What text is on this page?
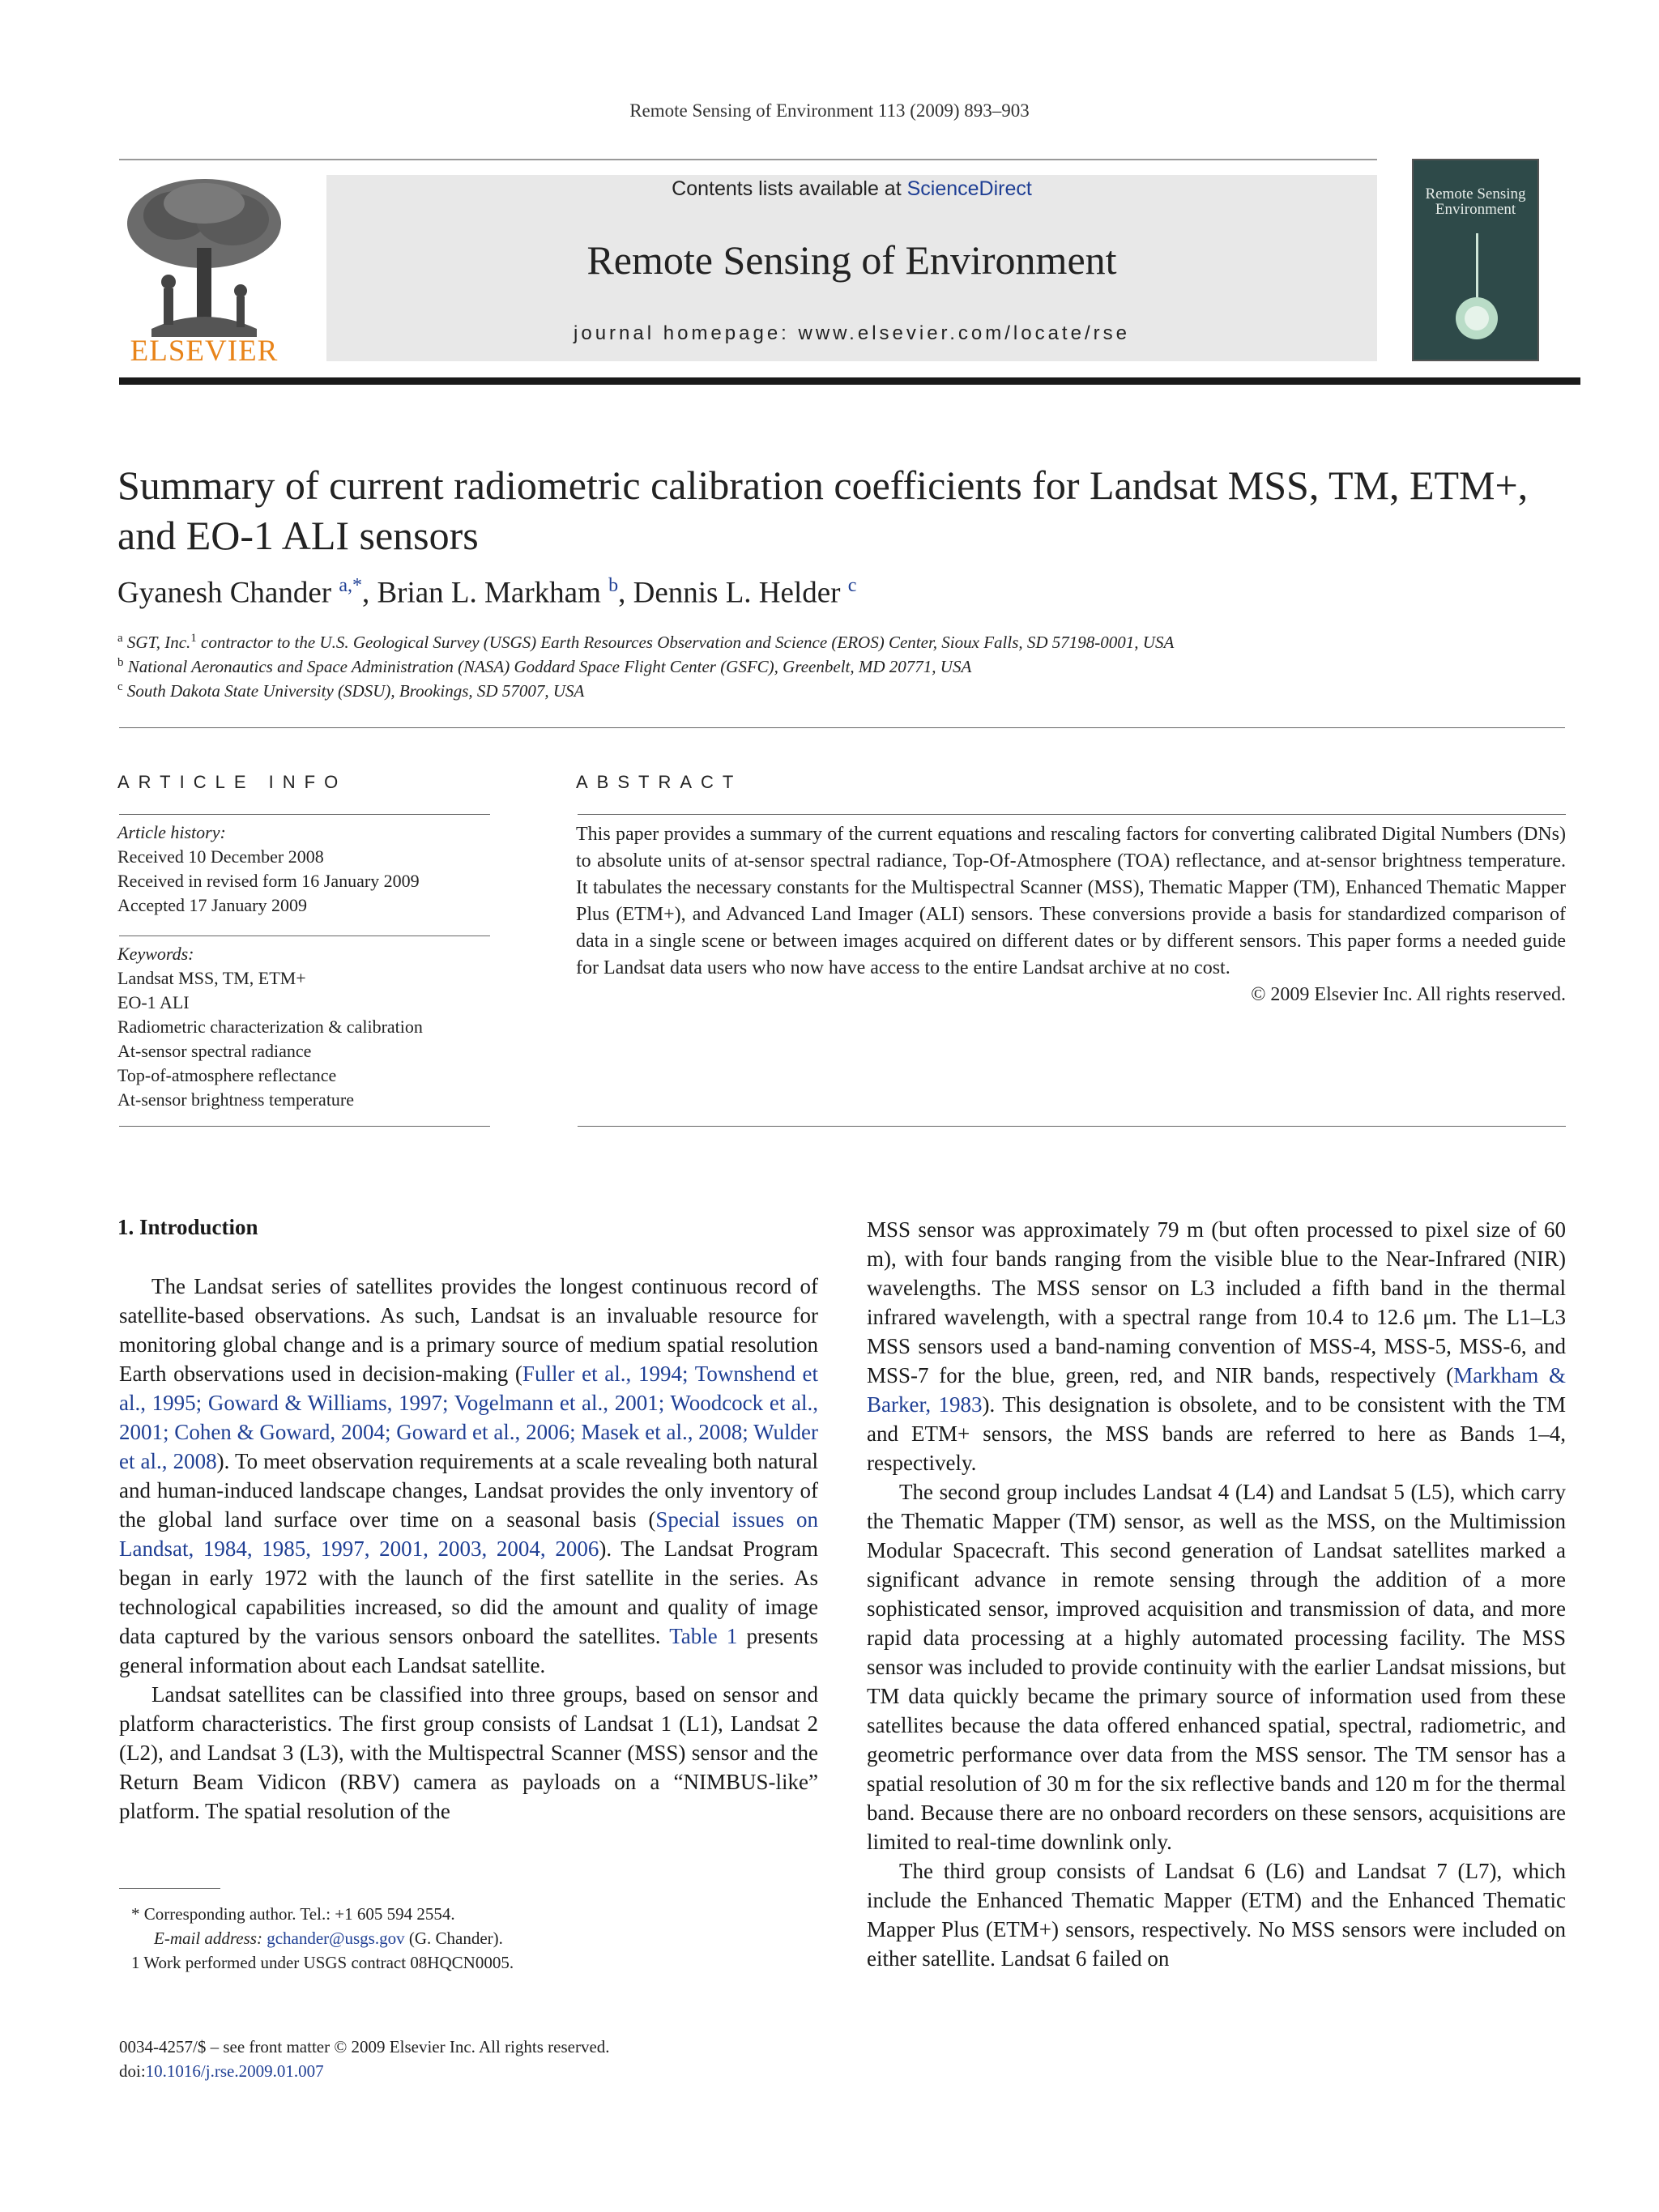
Remote Sensing of Environment 113 (2009) 893–903
ELSEVIER
Contents lists available at ScienceDirect
Remote Sensing of Environment
journal homepage: www.elsevier.com/locate/rse
Remote Sensing
Environment
Summary of current radiometric calibration coefficients for Landsat MSS, TM, ETM+,
and EO-1 ALI sensors
Gyanesh Chander $^{a,*}$, Brian L. Markham $^b$, Dennis L. Helder $^c$
$^a$ SGT, Inc.$^1$ contractor to the U.S. Geological Survey (USGS) Earth Resources Observation and Science (EROS) Center, Sioux Falls, SD 57198-0001, USA
$^b$ National Aeronautics and Space Administration (NASA) Goddard Space Flight Center (GSFC), Greenbelt, MD 20771, USA
$^c$ South Dakota State University (SDSU), Brookings, SD 57007, USA
ARTICLE INFO
Article history:
Received 10 December 2008
Received in revised form 16 January 2009
Accepted 17 January 2009
Keywords:
Landsat MSS, TM, ETM+
EO-1 ALI
Radiometric characterization & calibration
At-sensor spectral radiance
Top-of-atmosphere reflectance
At-sensor brightness temperature
ABSTRACT
This paper provides a summary of the current equations and rescaling factors for converting calibrated Digital Numbers (DNs) to absolute units of at-sensor spectral radiance, Top-Of-Atmosphere (TOA) reflectance, and at-sensor brightness temperature. It tabulates the necessary constants for the Multispectral Scanner (MSS), Thematic Mapper (TM), Enhanced Thematic Mapper Plus (ETM+), and Advanced Land Imager (ALI) sensors. These conversions provide a basis for standardized comparison of data in a single scene or between images acquired on different dates or by different sensors. This paper forms a needed guide for Landsat data users who now have access to the entire Landsat archive at no cost.
© 2009 Elsevier Inc. All rights reserved.
1. Introduction

The Landsat series of satellites provides the longest continuous record of satellite-based observations. As such, Landsat is an invaluable resource for monitoring global change and is a primary source of medium spatial resolution Earth observations used in decision-making (Fuller et al., 1994; Townshend et al., 1995; Goward & Williams, 1997; Vogelmann et al., 2001; Woodcock et al., 2001; Cohen & Goward, 2004; Goward et al., 2006; Masek et al., 2008; Wulder et al., 2008). To meet observation requirements at a scale revealing both natural and human-induced landscape changes, Landsat provides the only inventory of the global land surface over time on a seasonal basis (Special issues on Landsat, 1984, 1985, 1997, 2001, 2003, 2004, 2006). The Landsat Program began in early 1972 with the launch of the first satellite in the series. As technological capabilities increased, so did the amount and quality of image data captured by the various sensors onboard the satellites. Table 1 presents general information about each Landsat satellite.

Landsat satellites can be classified into three groups, based on sensor and platform characteristics. The first group consists of Landsat 1 (L1), Landsat 2 (L2), and Landsat 3 (L3), with the Multispectral Scanner (MSS) sensor and the Return Beam Vidicon (RBV) camera as payloads on a “NIMBUS-like” platform. The spatial resolution of the

MSS sensor was approximately 79 m (but often processed to pixel size of 60 m), with four bands ranging from the visible blue to the Near-Infrared (NIR) wavelengths. The MSS sensor on L3 included a fifth band in the thermal infrared wavelength, with a spectral range from 10.4 to 12.6 μm. The L1–L3 MSS sensors used a band-naming convention of MSS-4, MSS-5, MSS-6, and MSS-7 for the blue, green, red, and NIR bands, respectively (Markham & Barker, 1983). This designation is obsolete, and to be consistent with the TM and ETM+ sensors, the MSS bands are referred to here as Bands 1–4, respectively.

The second group includes Landsat 4 (L4) and Landsat 5 (L5), which carry the Thematic Mapper (TM) sensor, as well as the MSS, on the Multimission Modular Spacecraft. This second generation of Landsat satellites marked a significant advance in remote sensing through the addition of a more sophisticated sensor, improved acquisition and transmission of data, and more rapid data processing at a highly automated processing facility. The MSS sensor was included to provide continuity with the earlier Landsat missions, but TM data quickly became the primary source of information used from these satellites because the data offered enhanced spatial, spectral, radiometric, and geometric performance over data from the MSS sensor. The TM sensor has a spatial resolution of 30 m for the six reflective bands and 120 m for the thermal band. Because there are no onboard recorders on these sensors, acquisitions are limited to real-time downlink only.

The third group consists of Landsat 6 (L6) and Landsat 7 (L7), which include the Enhanced Thematic Mapper (ETM) and the Enhanced Thematic Mapper Plus (ETM+) sensors, respectively. No MSS sensors were included on either satellite. Landsat 6 failed on

* Corresponding author. Tel.: +1 605 594 2554.
E-mail address: gchander@usgs.gov (G. Chander).
1 Work performed under USGS contract 08HQCN0005.
0034-4257/$ – see front matter © 2009 Elsevier Inc. All rights reserved.
doi:10.1016/j.rse.2009.01.007
